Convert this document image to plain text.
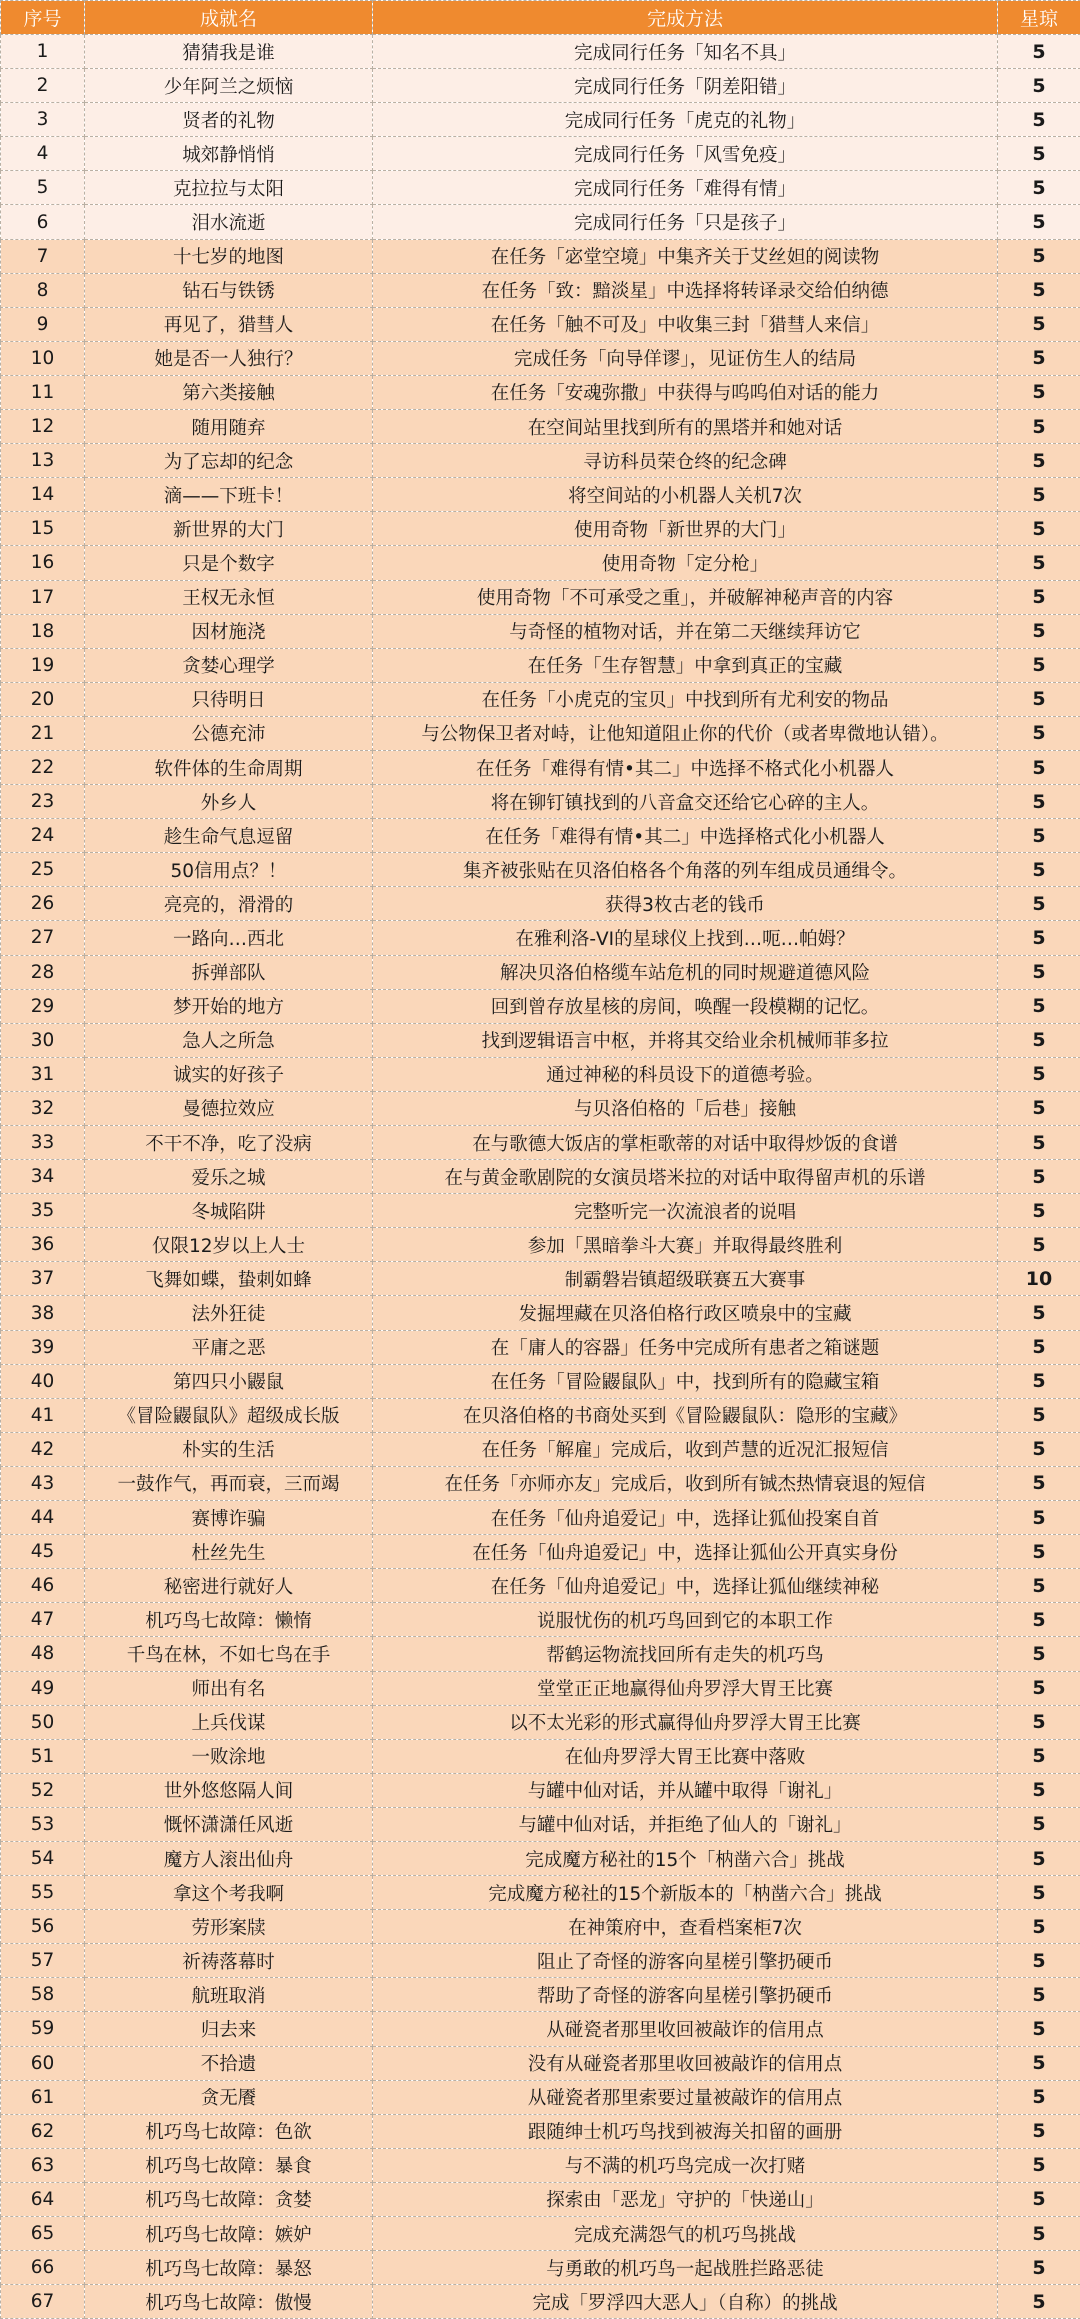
序号	成就名	完成方法	星琼
1	猜猜我是谁	完成同行任务「知名不具」	5
2	少年阿兰之烦恼	完成同行任务「阴差阳错」	5
3	贤者的礼物	完成同行任务「虎克的礼物」	5
4	城郊静悄悄	完成同行任务「风雪免疫」	5
5	克拉拉与太阳	完成同行任务「难得有情」	5
6	泪水流逝	完成同行任务「只是孩子」	5
7	十七岁的地图	在任务「宓堂空境」中集齐关于艾丝妲的阅读物	5
8	钻石与铁锈	在任务「致：黯淡星」中选择将转译录交给伯纳德	5
9	再见了，猎彗人	在任务「触不可及」中收集三封「猎彗人来信」	5
10	她是否一人独行？	完成任务「向导佯谬」，见证仿生人的结局	5
11	第六类接触	在任务「安魂弥撒」中获得与呜呜伯对话的能力	5
12	随用随弃	在空间站里找到所有的黑塔并和她对话	5
13	为了忘却的纪念	寻访科员荣仓终的纪念碑	5
14	滴——下班卡！	将空间站的小机器人关机7次	5
15	新世界的大门	使用奇物「新世界的大门」	5
16	只是个数字	使用奇物「定分枪」	5
17	王权无永恒	使用奇物「不可承受之重」，并破解神秘声音的内容	5
18	因材施浇	与奇怪的植物对话，并在第二天继续拜访它	5
19	贪婪心理学	在任务「生存智慧」中拿到真正的宝藏	5
20	只待明日	在任务「小虎克的宝贝」中找到所有尤利安的物品	5
21	公德充沛	与公物保卫者对峙，让他知道阻止你的代价（或者卑微地认错）。	5
22	软件体的生命周期	在任务「难得有情•其二」中选择不格式化小机器人	5
23	外乡人	将在铆钉镇找到的八音盒交还给它心碎的主人。	5
24	趁生命气息逗留	在任务「难得有情•其二」中选择格式化小机器人	5
25	50信用点？！	集齐被张贴在贝洛伯格各个角落的列车组成员通缉令。	5
26	亮亮的，滑滑的	获得3枚古老的钱币	5
27	一路向…西北	在雅利洛-VI的星球仪上找到…呃…帕姆？	5
28	拆弹部队	解决贝洛伯格缆车站危机的同时规避道德风险	5
29	梦开始的地方	回到曾存放星核的房间，唤醒一段模糊的记忆。	5
30	急人之所急	找到逻辑语言中枢，并将其交给业余机械师菲多拉	5
31	诚实的好孩子	通过神秘的科员设下的道德考验。	5
32	曼德拉效应	与贝洛伯格的「后巷」接触	5
33	不干不净，吃了没病	在与歌德大饭店的掌柜歌蒂的对话中取得炒饭的食谱	5
34	爱乐之城	在与黄金歌剧院的女演员塔米拉的对话中取得留声机的乐谱	5
35	冬城陷阱	完整听完一次流浪者的说唱	5
36	仅限12岁以上人士	参加「黑暗拳斗大赛」并取得最终胜利	5
37	飞舞如蝶，蛰刺如蜂	制霸磐岩镇超级联赛五大赛事	10
38	法外狂徒	发掘埋藏在贝洛伯格行政区喷泉中的宝藏	5
39	平庸之恶	在「庸人的容器」任务中完成所有患者之箱谜题	5
40	第四只小鼹鼠	在任务「冒险鼹鼠队」中，找到所有的隐藏宝箱	5
41	《冒险鼹鼠队》超级成长版	在贝洛伯格的书商处买到《冒险鼹鼠队：隐形的宝藏》	5
42	朴实的生活	在任务「解雇」完成后，收到芦慧的近况汇报短信	5
43	一鼓作气，再而衰，三而竭	在任务「亦师亦友」完成后，收到所有铖杰热情衰退的短信	5
44	赛博诈骗	在任务「仙舟追爱记」中，选择让狐仙投案自首	5
45	杜丝先生	在任务「仙舟追爱记」中，选择让狐仙公开真实身份	5
46	秘密进行就好人	在任务「仙舟追爱记」中，选择让狐仙继续神秘	5
47	机巧鸟七故障：懒惰	说服忧伤的机巧鸟回到它的本职工作	5
48	千鸟在林，不如七鸟在手	帮鹤运物流找回所有走失的机巧鸟	5
49	师出有名	堂堂正正地赢得仙舟罗浮大胃王比赛	5
50	上兵伐谋	以不太光彩的形式赢得仙舟罗浮大胃王比赛	5
51	一败涂地	在仙舟罗浮大胃王比赛中落败	5
52	世外悠悠隔人间	与罐中仙对话，并从罐中取得「谢礼」	5
53	慨怀潇潇任风逝	与罐中仙对话，并拒绝了仙人的「谢礼」	5
54	魔方人滚出仙舟	完成魔方秘社的15个「枘凿六合」挑战	5
55	拿这个考我啊	完成魔方秘社的15个新版本的「枘凿六合」挑战	5
56	劳形案牍	在神策府中，查看档案柜7次	5
57	祈祷落幕时	阻止了奇怪的游客向星槎引擎扔硬币	5
58	航班取消	帮助了奇怪的游客向星槎引擎扔硬币	5
59	归去来	从碰瓷者那里收回被敲诈的信用点	5
60	不拾遗	没有从碰瓷者那里收回被敲诈的信用点	5
61	贪无餍	从碰瓷者那里索要过量被敲诈的信用点	5
62	机巧鸟七故障：色欲	跟随绅士机巧鸟找到被海关扣留的画册	5
63	机巧鸟七故障：暴食	与不满的机巧鸟完成一次打赌	5
64	机巧鸟七故障：贪婪	探索由「恶龙」守护的「快递山」	5
65	机巧鸟七故障：嫉妒	完成充满怨气的机巧鸟挑战	5
66	机巧鸟七故障：暴怒	与勇敢的机巧鸟一起战胜拦路恶徒	5
67	机巧鸟七故障：傲慢	完成「罗浮四大恶人」（自称）的挑战	5
